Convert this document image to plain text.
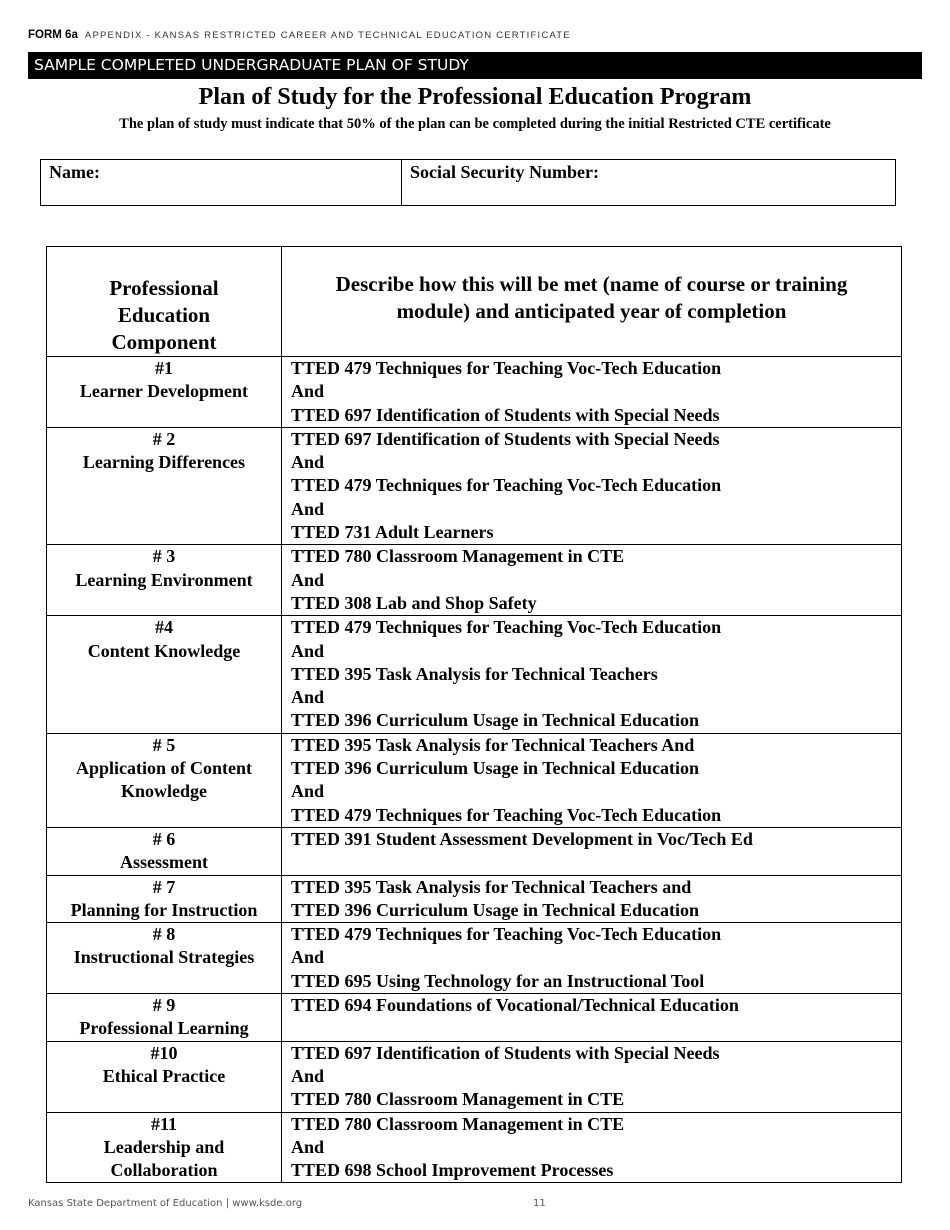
FORM 6a APPENDIX - KANSAS RESTRICTED CAREER AND TECHNICAL EDUCATION CERTIFICATE
SAMPLE COMPLETED UNDERGRADUATE PLAN OF STUDY
Plan of Study for the Professional Education Program
The plan of study must indicate that 50% of the plan can be completed during the initial Restricted CTE certificate
Name:	Social Security Number:
Professional
Education
Component	Describe how this will be met (name of course or training
module) and anticipated year of completion

#1
Learner Development	TTED 479 Techniques for Teaching Voc-Tech Education
And
TTED 697 Identification of Students with Special Needs

# 2
Learning Differences	TTED 697 Identification of Students with Special Needs
And
TTED 479 Techniques for Teaching Voc-Tech Education
And
TTED 731 Adult Learners

# 3
Learning Environment	TTED 780 Classroom Management in CTE
And
TTED 308 Lab and Shop Safety

#4
Content Knowledge	TTED 479 Techniques for Teaching Voc-Tech Education
And
TTED 395 Task Analysis for Technical Teachers
And
TTED 396 Curriculum Usage in Technical Education

# 5
Application of Content
Knowledge	TTED 395 Task Analysis for Technical Teachers And
TTED 396 Curriculum Usage in Technical Education
And
TTED 479 Techniques for Teaching Voc-Tech Education

# 6
Assessment	TTED 391 Student Assessment Development in Voc/Tech Ed

# 7
Planning for Instruction	TTED 395 Task Analysis for Technical Teachers and
TTED 396 Curriculum Usage in Technical Education

# 8
Instructional Strategies	TTED 479 Techniques for Teaching Voc-Tech Education
And
TTED 695 Using Technology for an Instructional Tool

# 9
Professional Learning	TTED 694 Foundations of Vocational/Technical Education

#10
Ethical Practice	TTED 697 Identification of Students with Special Needs
And
TTED 780 Classroom Management in CTE

#11
Leadership and
Collaboration	TTED 780 Classroom Management in CTE
And
TTED 698 School Improvement Processes
Kansas State Department of Education | www.ksde.org	11
